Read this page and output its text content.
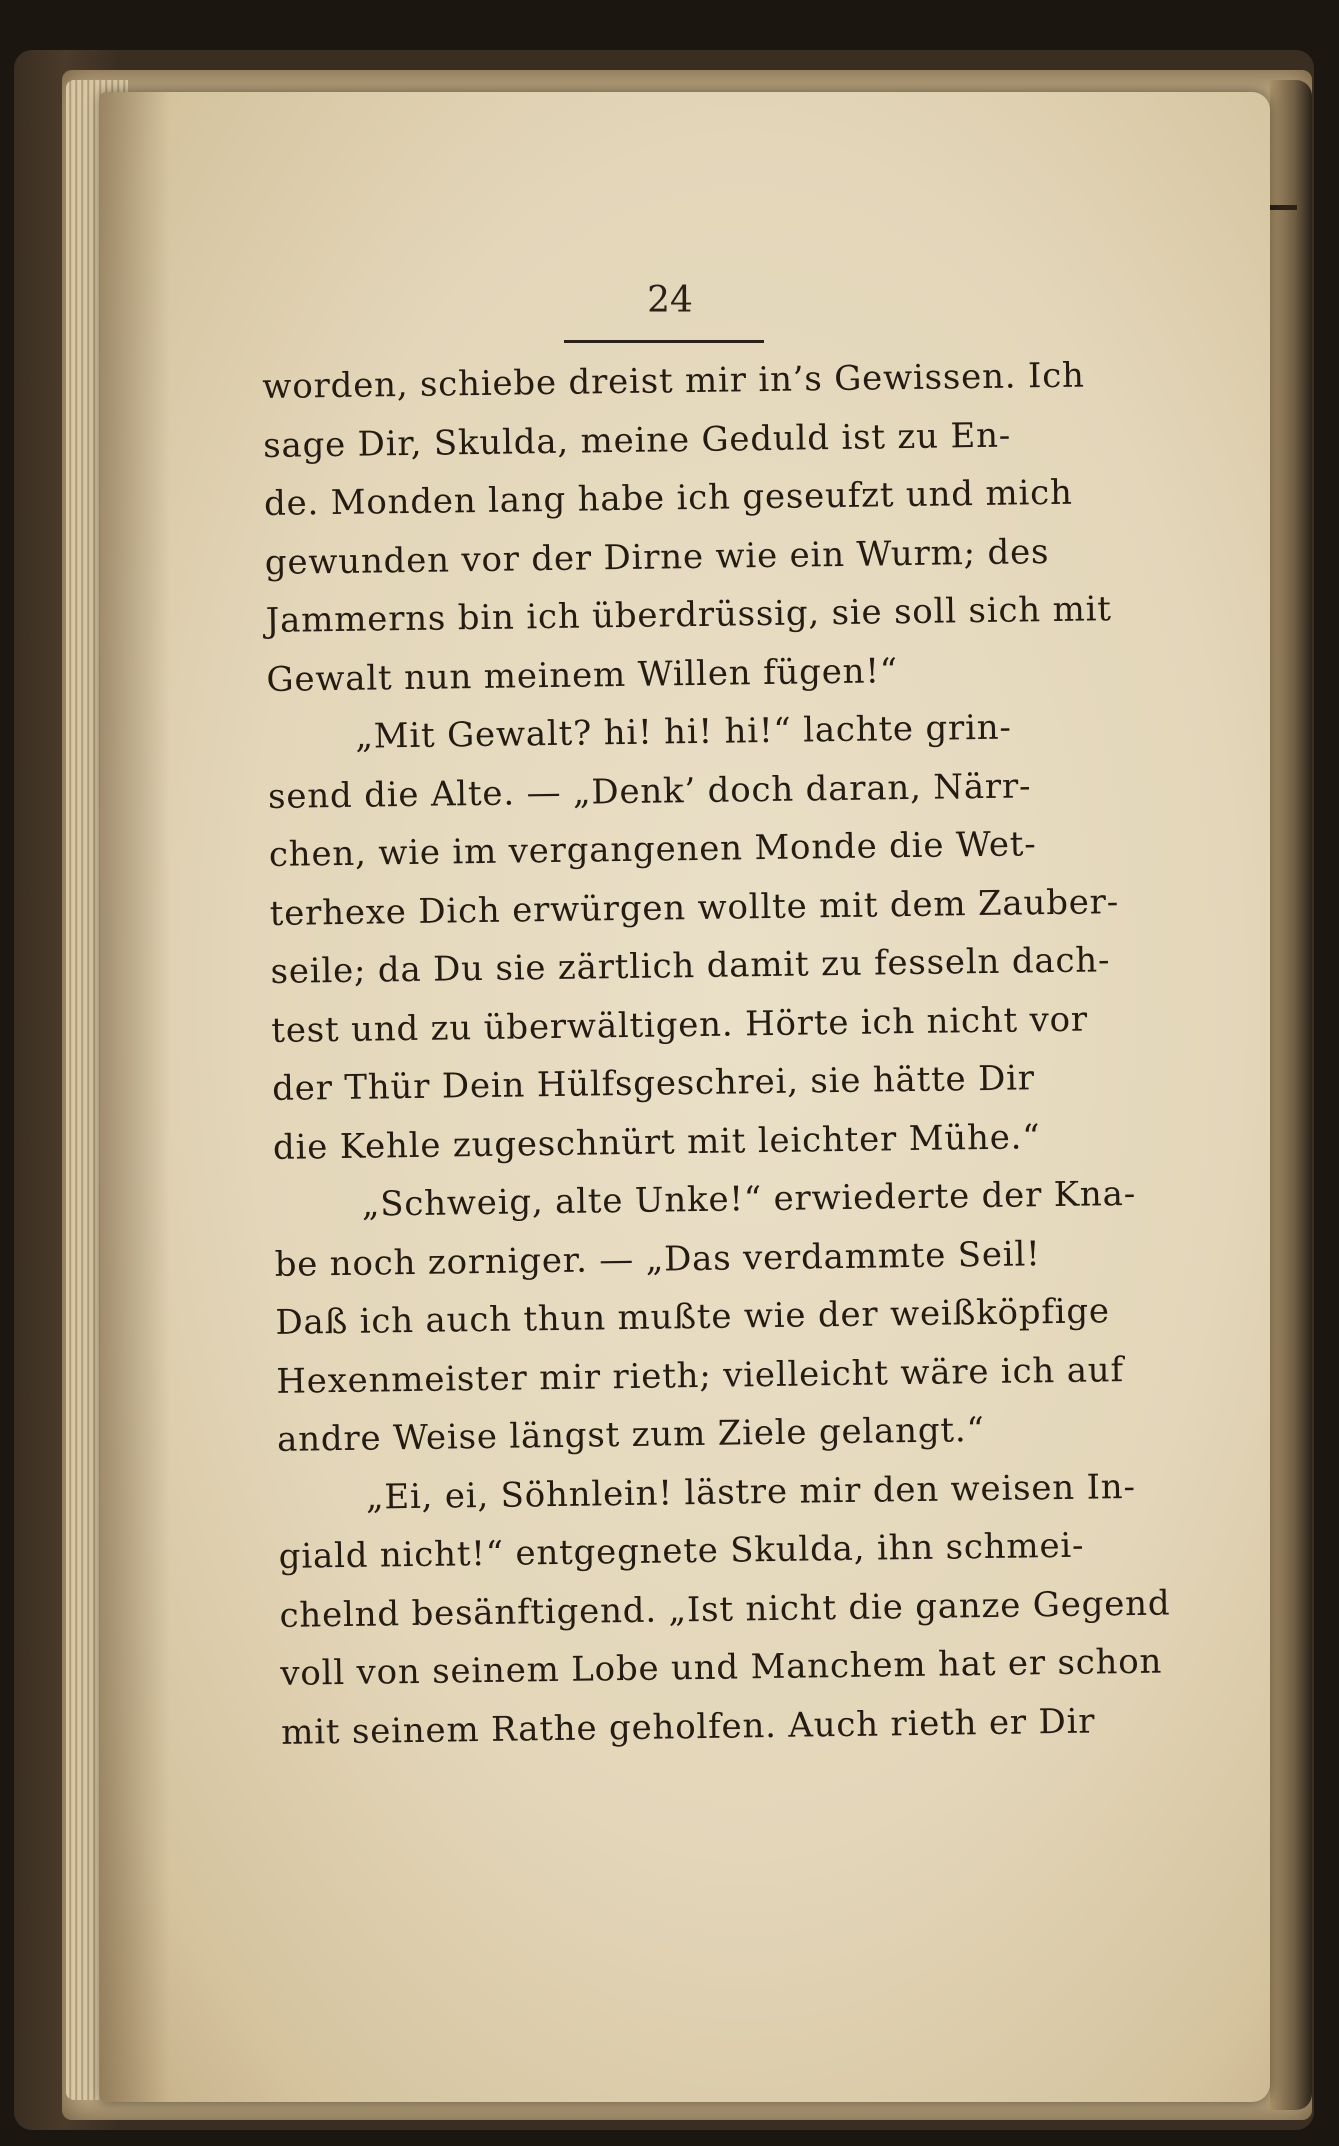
24
worden, schiebe dreist mir in’s Gewissen. Ich
sage Dir, Skulda, meine Geduld ist zu En-
de. Monden lang habe ich geseufzt und mich
gewunden vor der Dirne wie ein Wurm; des
Jammerns bin ich überdrüssig, sie soll sich mit
Gewalt nun meinem Willen fügen!“
„Mit Gewalt? hi! hi! hi!“ lachte grin-
send die Alte. — „Denk’ doch daran, Närr-
chen, wie im vergangenen Monde die Wet-
terhexe Dich erwürgen wollte mit dem Zauber-
seile; da Du sie zärtlich damit zu fesseln dach-
test und zu überwältigen. Hörte ich nicht vor
der Thür Dein Hülfsgeschrei, sie hätte Dir
die Kehle zugeschnürt mit leichter Mühe.“
„Schweig, alte Unke!“ erwiederte der Kna-
be noch zorniger. — „Das verdammte Seil!
Daß ich auch thun mußte wie der weißköpfige
Hexenmeister mir rieth; vielleicht wäre ich auf
andre Weise längst zum Ziele gelangt.“
„Ei, ei, Söhnlein! lästre mir den weisen In-
giald nicht!“ entgegnete Skulda, ihn schmei-
chelnd besänftigend. „Ist nicht die ganze Gegend
voll von seinem Lobe und Manchem hat er schon
mit seinem Rathe geholfen. Auch rieth er Dir
